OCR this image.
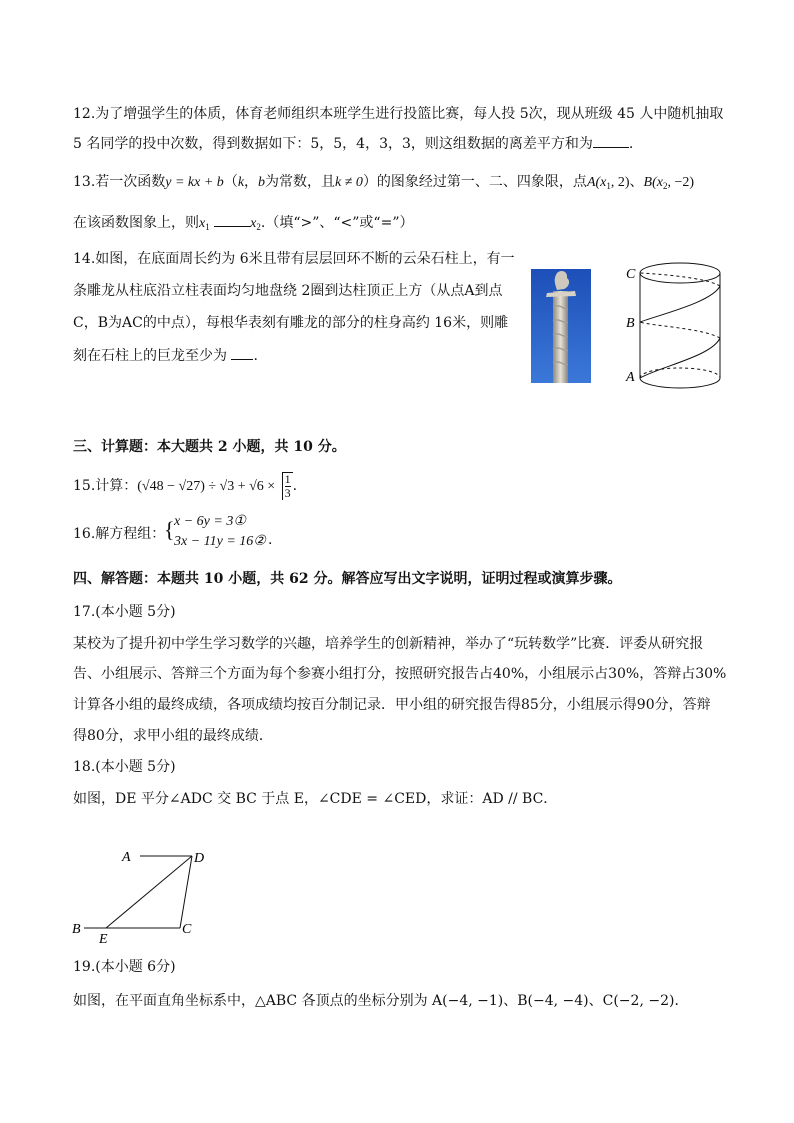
12.为了增强学生的体质，体育老师组织本班学生进行投篮比赛，每人投 5次，现从班级 45 人中随机抽取
5 名同学的投中次数，得到数据如下：5，5，4，3，3，则这组数据的离差平方和为	.
13.若一次函数y = kx + b（k，b为常数，且k ≠ 0）的图象经过第一、二、四象限，点$A(x_1$, 2)、$B(x_2$, −2)
在该函数图象上，则$x_1$	$x_2$.（填“>”、“<”或“=”）
14.如图，在底面周长约为 6米且带有层层回环不断的云朵石柱上，有一
条雕龙从柱底沿立柱表面均匀地盘绕 2圈到达柱顶正上方（从点A到点
C，B为AC的中点），每根华表刻有雕龙的部分的柱身高约 16米，则雕
刻在石柱上的巨龙至少为 .
C
B
A
三、计算题：本大题共 2 小题，共 10 分。
15.计算：$(√48 - √27) \div √3 + √6 \times \frac{1}{3}$ .
16.解方程组：
{ x − 6y = 3①
3x − 11y = 16② .
四、解答题：本题共 10 小题，共 62 分。解答应写出文字说明，证明过程或演算步骤。
17.(本小题 5分)
某校为了提升初中学生学习数学的兴趣，培养学生的创新精神，举办了“玩转数学”比赛．评委从研究报
告、小组展示、答辩三个方面为每个参赛小组打分，按照研究报告占40%，小组展示占30%，答辩占30%
计算各小组的最终成绩，各项成绩均按百分制记录．甲小组的研究报告得85分，小组展示得90分，答辩
得80分，求甲小组的最终成绩．
18.(本小题 5分)
如图，DE 平分∠ADC 交 BC 于点 E，∠CDE = ∠CED，求证：AD // BC．
A	D
B
E
C
19.(本小题 6分)
如图，在平面直角坐标系中，△ABC 各顶点的坐标分别为 A(−4, −1)、B(−4, −4)、C(−2, −2)．
